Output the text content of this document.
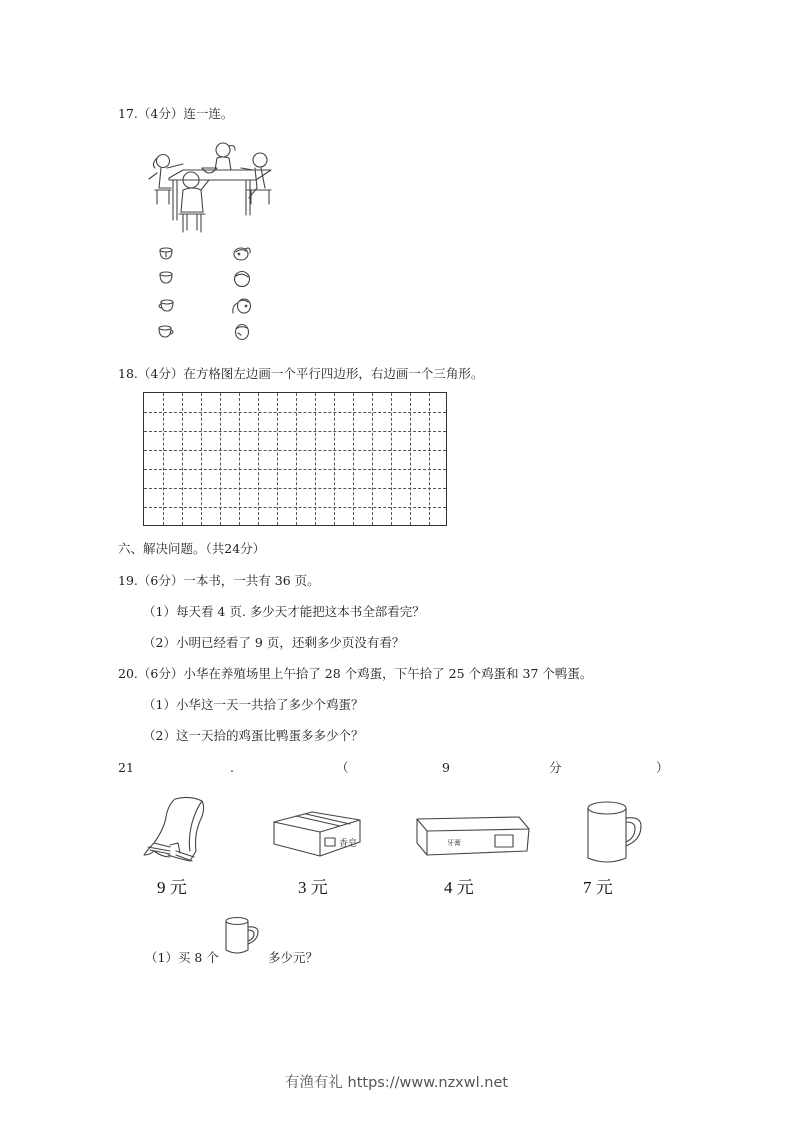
17.（4分）连一连。
18.（4分）在方格图左边画一个平行四边形，右边画一个三角形。
六、解决问题。（共24分）
19.（6分）一本书，一共有 36 页。
（1）每天看 4 页. 多少天才能把这本书全部看完？
（2）小明已经看了 9 页，还剩多少页没有看？
20.（6分）小华在养殖场里上午拾了 28 个鸡蛋，下午拾了 25 个鸡蛋和 37 个鸭蛋。
（1）小华这一天一共拾了多少个鸡蛋？
（2）这一天拾的鸡蛋比鸭蛋多多少个？
21	.	（	9	分	）
9 元
香皂
3 元
牙膏
4 元	7 元
（1）买 8 个	多少元？
有渔有礼 https://www.nzxwl.net
